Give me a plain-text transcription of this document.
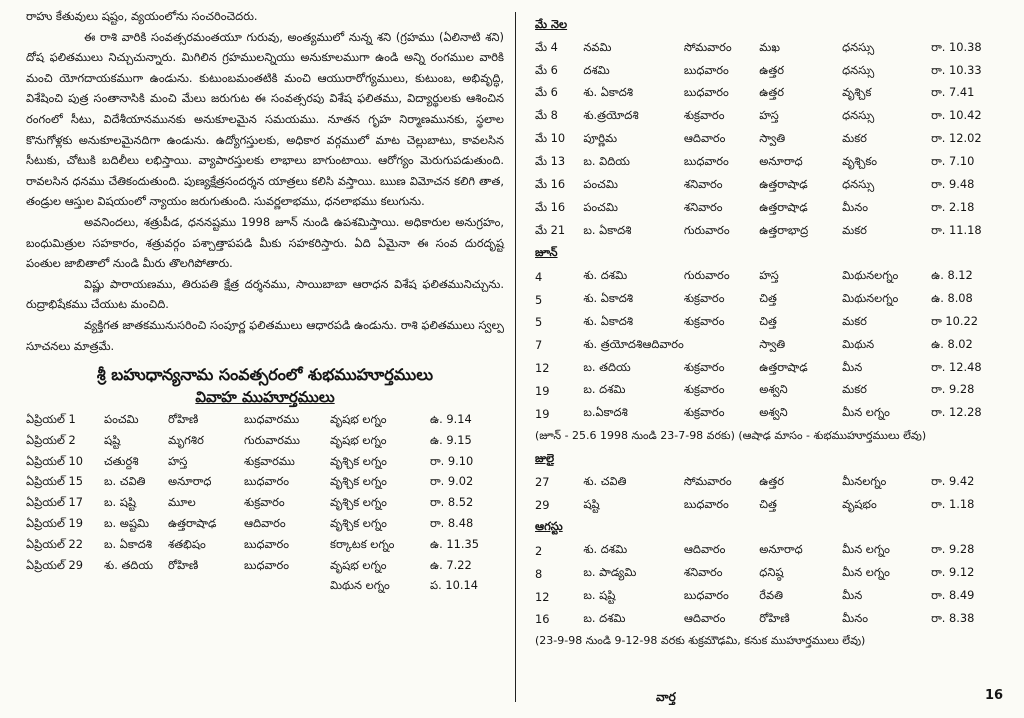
రాహు కేతువులు షష్టం, వ్యయంలోను సంచరించెదరు.

ఈ రాశి వారికి సంవత్సరమంతయూ గురువు, అంత్యములో నున్న శని (గ్రహము (ఏలినాటి శని) దోష ఫలితములు నిచ్చుచున్నారు. మిగిలిన గ్రహములన్నియు అనుకూలముగా ఉండి అన్ని రంగముల వారికి మంచి యోగదాయకముగా ఉండును. కుటుంబమంతటికి మంచి ఆయురారోగ్యములు, కుటుంబ, అభివృద్ధి, విశేషించి పుత్ర సంతానాసికి మంచి మేలు జరుగుట ఈ సంవత్సరపు విశేష ఫలితము, విద్యార్థులకు ఆశించిన రంగంలో సీటు, విదేశీయానమునకు అనుకూలమైన సమయము. నూతన గృహ నిర్మాణమునకు, స్థలాల కొనుగోళ్లకు అనుకూలమైనదిగా ఉండును. ఉద్యోగస్తులకు, అధికార వర్గములో మాట చెల్లుబాటు, కావలసిన సీటుకు, చోటుకి బదిలీలు లభిస్తాయి. వ్యాపారస్తులకు లాభాలు బాగుంటాయి. ఆరోగ్యం మెరుగుపడుతుంది. రావలసిన ధనము చేతికందుతుంది. పుణ్యక్షేత్రసందర్శన యాత్రలు కలిసి వస్తాయి. ఋణ విమోచన కలిగి తాత, తండ్రుల ఆస్తుల విషయంలో న్యాయం జరుగుతుంది. సువర్ణలాభము, ధనలాభము కలుగును.

అవనిందలు, శత్రుపీడ, ధననష్టము 1998 జూన్ నుండి ఉపశమిస్తాయి. అధికారుల అనుగ్రహం, బంధుమిత్రుల సహకారం, శత్రువర్గం పశ్చాత్తాపపడి మీకు సహకరిస్తారు. ఏది ఏమైనా ఈ సంవ దురదృష్ట పంతుల జాబితాలో నుండి మీరు తొలగిపోతారు.

విష్ణు పారాయణము, తిరుపతి క్షేత్ర దర్శనము, సాయిబాబా ఆరాధన విశేష ఫలితమునిచ్చును. రుద్రాభిషేకము చేయుట మంచిది.

వ్యక్తిగత జాతకమునుసరించి సంపూర్ణ ఫలితములు ఆధారపడి ఉండును. రాశి ఫలితములు స్వల్ప సూచనలు మాత్రమే.

శ్రీ బహుధాన్యనామ సంవత్సరంలో శుభముహూర్తములు
వివాహ ముహూర్తములు
ఏప్రియల్ 1	పంచమి	రోహిణి	బుధవారము	వృషభ లగ్నం	ఉ. 9.14
ఏప్రియల్ 2	షష్టి	మృగశిర	గురువారము	వృషభ లగ్నం	ఉ. 9.15
ఏప్రియల్ 10	చతుర్దశి	హస్త	శుక్రవారము	వృశ్చిక లగ్నం	రా. 9.10
ఏప్రియల్ 15	బ. చవితి	అనూరాధ	బుధవారం	వృశ్చిక లగ్నం	రా. 9.02
ఏప్రియల్ 17	బ. షష్టి	మూల	శుక్రవారం	వృశ్చిక లగ్నం	రా. 8.52
ఏప్రియల్ 19	బ. అష్టమి	ఉత్తరాషాఢ	ఆదివారం	వృశ్చిక లగ్నం	రా. 8.48
ఏప్రియల్ 22	బ. ఏకాదశి	శతభిషం	బుధవారం	కర్కాటక లగ్నం	ఉ. 11.35
ఏప్రియల్ 29	శు. తదియ	రోహిణి	బుధవారం	వృషభ లగ్నం	ఉ. 7.22
				మిథున లగ్నం	ప. 10.14
మే నెల					
మే 4	నవమి	సోమవారం	మఖ	ధనస్సు	రా. 10.38
మే 6	దశమి	బుధవారం	ఉత్తర	ధనస్సు	రా. 10.33
మే 6	శు. ఏకాదశి	బుధవారం	ఉత్తర	వృశ్చిక	రా. 7.41
మే 8	శు.త్రయోదశి	శుక్రవారం	హస్త	ధనస్సు	రా. 10.42
మే 10	పూర్ణిమ	ఆదివారం	స్వాతి	మకర	రా. 12.02
మే 13	బ. విదియ	బుధవారం	అనూరాధ	వృశ్చికం	రా. 7.10
మే 16	పంచమి	శనివారం	ఉత్తరాషాఢ	ధనస్సు	రా. 9.48
మే 16	పంచమి	శనివారం	ఉత్తరాషాఢ	మీనం	రా. 2.18
మే 21	బ. ఏకాదశి	గురువారం	ఉత్తరాభాద్ర	మకర	రా. 11.18
జూన్					
4	శు. దశమి	గురువారం	హస్త	మిథునలగ్నం	ఉ. 8.12
5	శు. ఏకాదశి	శుక్రవారం	చిత్త	మిథునలగ్నం	ఉ. 8.08
5	శు. ఏకాదశి	శుక్రవారం	చిత్త	మకర	రా 10.22
7	శు. త్రయోదశిఆదివారం		స్వాతి	మిథున	ఉ. 8.02
12	బ. తదియ	శుక్రవారం	ఉత్తరాషాఢ	మీన	రా. 12.48
19	బ. దశమి	శుక్రవారం	అశ్వని	మకర	రా. 9.28
19	బ.ఏకాదశి	శుక్రవారం	అశ్వని	మీన లగ్నం	రా. 12.28
(జూన్ - 25.6 1998 నుండి 23-7-98 వరకు) (ఆషాఢ మాసం - శుభముహూర్తములు లేవు)					
జులై					
27	శు. చవితి	సోమవారం	ఉత్తర	మీనలగ్నం	రా. 9.42
29	షష్టి	బుధవారం	చిత్త	వృషభం	రా. 1.18
ఆగస్టు					
2	శు. దశమి	ఆదివారం	అనూరాధ	మీన లగ్నం	రా. 9.28
8	బ. పాడ్యమి	శనివారం	ధనిష్ఠ	మీన లగ్నం	రా. 9.12
12	బ. షష్టి	బుధవారం	రేవతి	మీన	రా. 8.49
16	బ. దశమి	ఆదివారం	రోహిణి	మీనం	రా. 8.38
(23-9-98 నుండి 9-12-98 వరకు శుక్రమౌఢమి, కనుక ముహూర్తములు లేవు)					
వార్త	16
